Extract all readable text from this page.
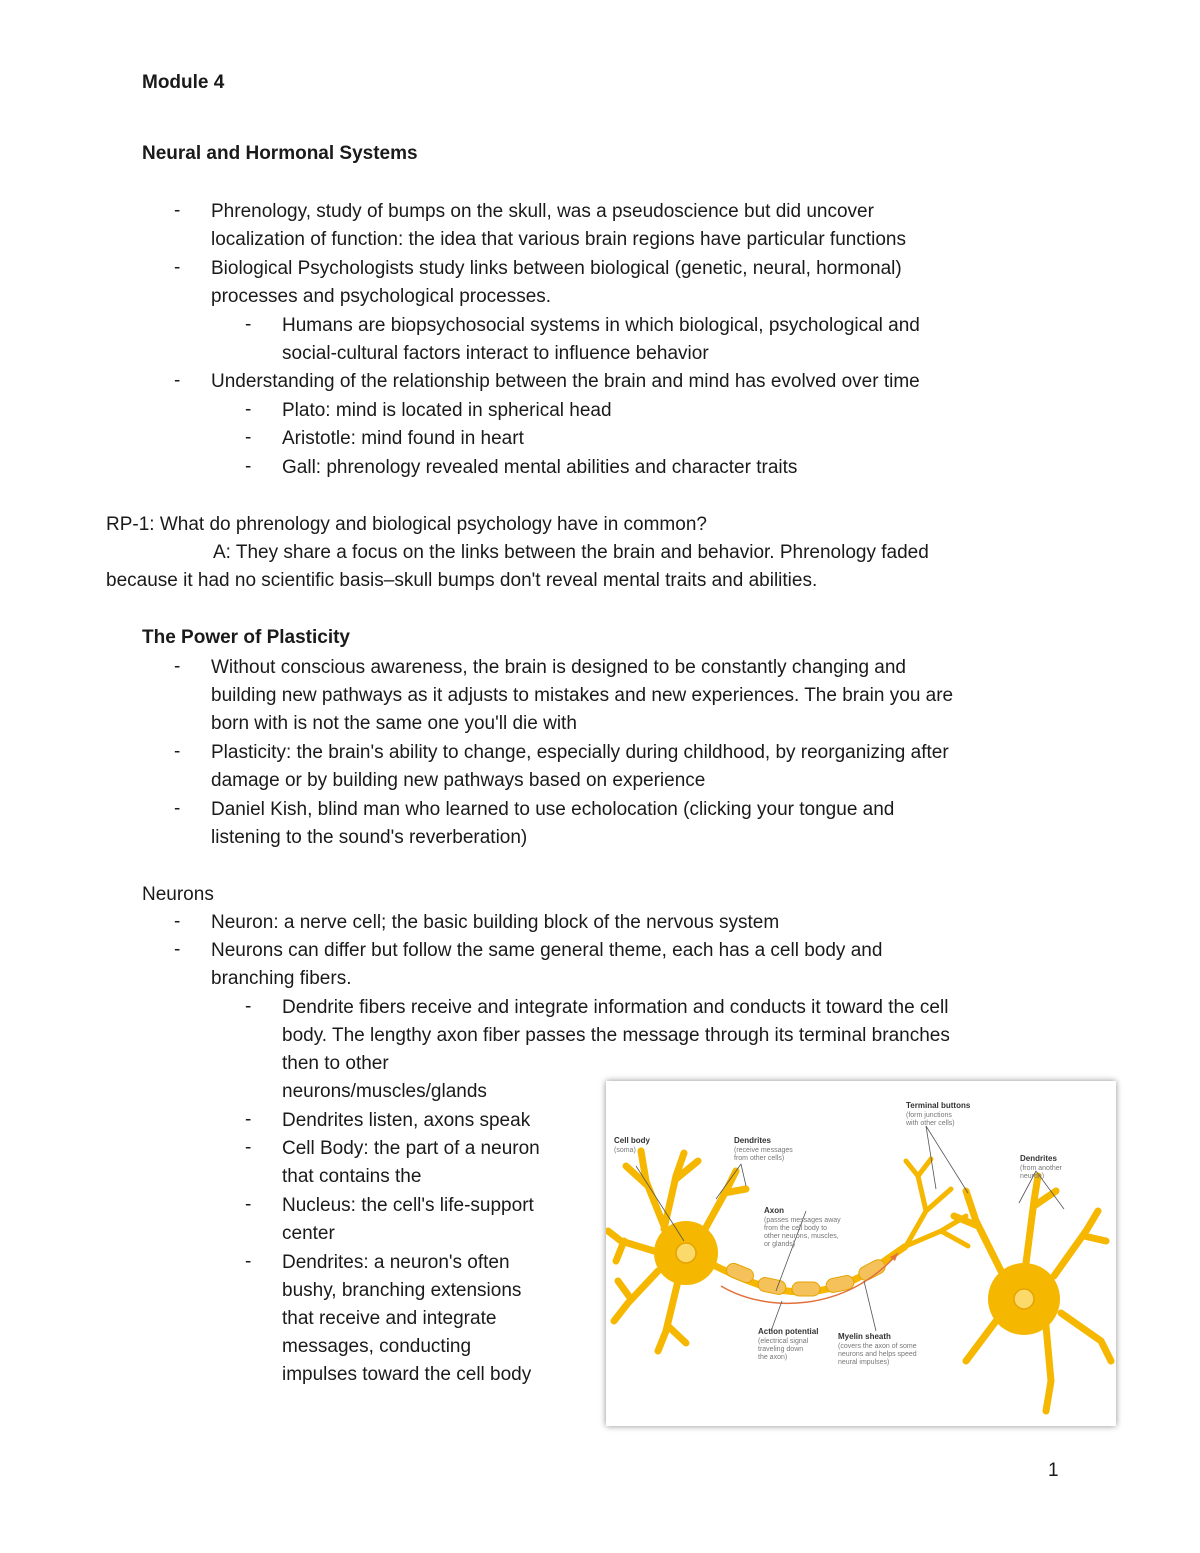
Module 4
Neural and Hormonal Systems
- Phrenology, study of bumps on the skull, was a pseudoscience but did uncover
localization of function: the idea that various brain regions have particular functions
- Biological Psychologists study links between biological (genetic, neural, hormonal)
processes and psychological processes.
- Humans are biopsychosocial systems in which biological, psychological and
social-cultural factors interact to influence behavior
- Understanding of the relationship between the brain and mind has evolved over time
- Plato: mind is located in spherical head
- Aristotle: mind found in heart
- Gall: phrenology revealed mental abilities and character traits
RP-1: What do phrenology and biological psychology have in common?
A: They share a focus on the links between the brain and behavior. Phrenology faded
because it had no scientific basis–skull bumps don't reveal mental traits and abilities.
The Power of Plasticity
- Without conscious awareness, the brain is designed to be constantly changing and
building new pathways as it adjusts to mistakes and new experiences. The brain you are
born with is not the same one you'll die with
- Plasticity: the brain's ability to change, especially during childhood, by reorganizing after
damage or by building new pathways based on experience
- Daniel Kish, blind man who learned to use echolocation (clicking your tongue and
listening to the sound's reverberation)
Neurons
- Neuron: a nerve cell; the basic building block of the nervous system
- Neurons can differ but follow the same general theme, each has a cell body and
branching fibers.
- Dendrite fibers receive and integrate information and conducts it toward the cell
body. The lengthy axon fiber passes the message through its terminal branches
then to other
neurons/muscles/glands
- Dendrites listen, axons speak
- Cell Body: the part of a neuron
that contains the
- Nucleus: the cell's life-support
center
- Dendrites: a neuron's often
bushy, branching extensions
that receive and integrate
messages, conducting
impulses toward the cell body
Cell body
(soma)
Dendrites
(receive messages
from other cells)
Axon
(passes messages away
from the cell body to
other neurons, muscles,
or glands)
Terminal buttons
(form junctions
with other cells)
Dendrites
(from another
neuron)
Action potential
(electrical signal
traveling down
the axon)
Myelin sheath
(covers the axon of some
neurons and helps speed
neural impulses)
1
